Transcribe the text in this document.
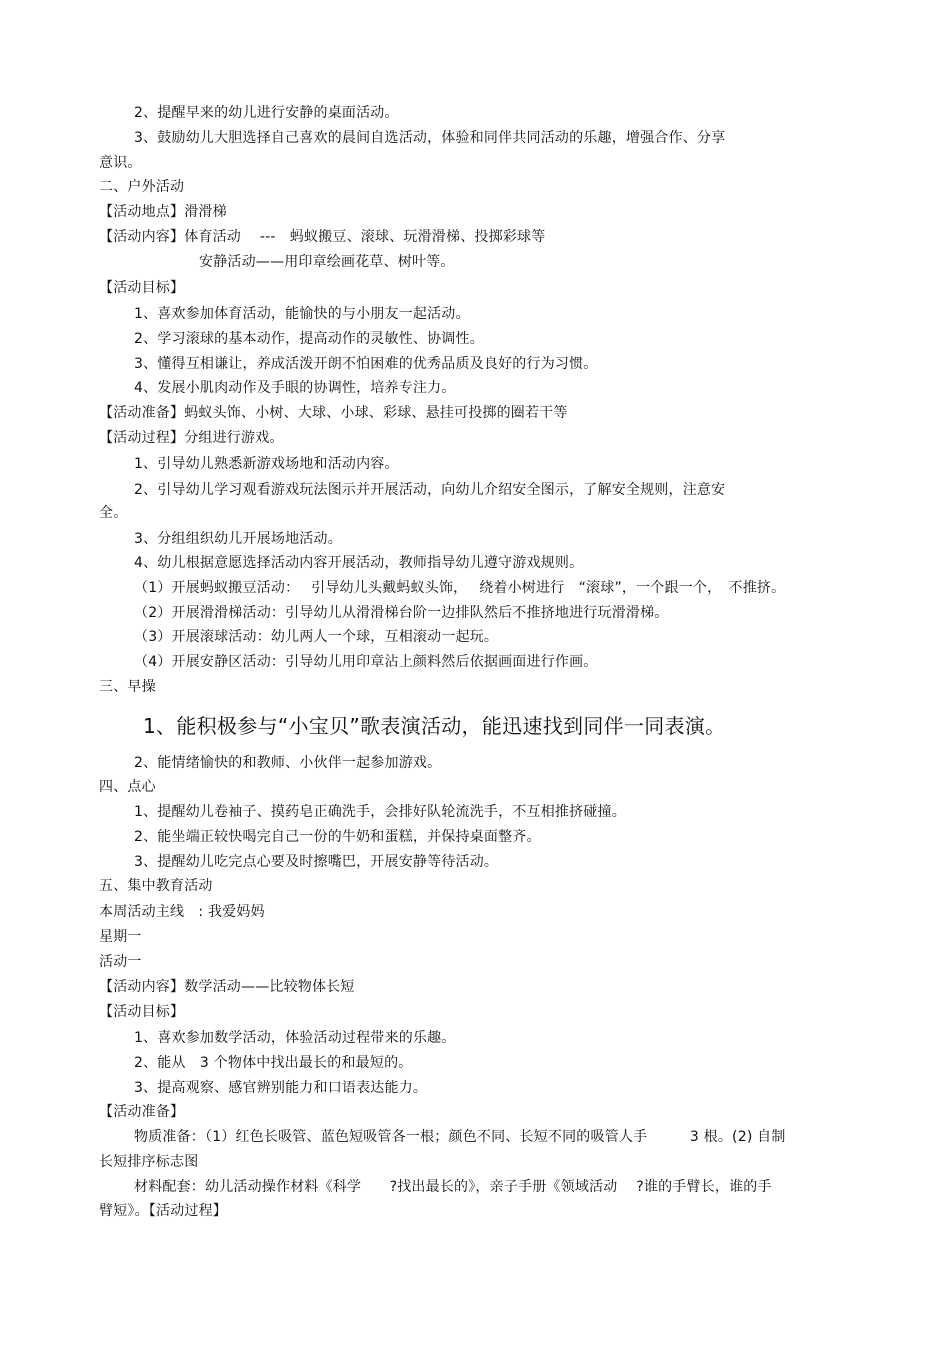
2、提醒早来的幼儿进行安静的桌面活动。
3、鼓励幼儿大胆选择自己喜欢的晨间自选活动，体验和同伴共同活动的乐趣，增强合作、分享
意识。
二、户外活动
【活动地点】滑滑梯
【活动内容】体育活动　 ---　蚂蚁搬豆、滚球、玩滑滑梯、投掷彩球等
安静活动——用印章绘画花草、树叶等。
【活动目标】
1、喜欢参加体育活动，能愉快的与小朋友一起活动。
2、学习滚球的基本动作，提高动作的灵敏性、协调性。
3、懂得互相谦让，养成活泼开朗不怕困难的优秀品质及良好的行为习惯。
4、发展小肌肉动作及手眼的协调性，培养专注力。
【活动准备】蚂蚁头饰、小树、大球、小球、彩球、悬挂可投掷的圈若干等
【活动过程】分组进行游戏。
1、引导幼儿熟悉新游戏场地和活动内容。
2、引导幼儿学习观看游戏玩法图示并开展活动，向幼儿介绍安全图示，了解安全规则，注意安
全。
3、分组组织幼儿开展场地活动。
4、幼儿根据意愿选择活动内容开展活动，教师指导幼儿遵守游戏规则。
（1）开展蚂蚁搬豆活动：　 引导幼儿头戴蚂蚁头饰，　 绕着小树进行　“滚球”，一个跟一个，　不推挤。
（2）开展滑滑梯活动：引导幼儿从滑滑梯台阶一边排队然后不推挤地进行玩滑滑梯。
（3）开展滚球活动：幼儿两人一个球，互相滚动一起玩。
（4）开展安静区活动：引导幼儿用印章沾上颜料然后依据画面进行作画。
三、早操
1、能积极参与“小宝贝”歌表演活动，能迅速找到同伴一同表演。
2、能情绪愉快的和教师、小伙伴一起参加游戏。
四、点心
1、提醒幼儿卷袖子、摸药皂正确洗手，会排好队轮流洗手，不互相推挤碰撞。
2、能坐端正较快喝完自己一份的牛奶和蛋糕，并保持桌面整齐。
3、提醒幼儿吃完点心要及时擦嘴巴，开展安静等待活动。
五、集中教育活动
本周活动主线　: 我爱妈妈
星期一
活动一
【活动内容】数学活动——比较物体长短
【活动目标】
1、喜欢参加数学活动，体验活动过程带来的乐趣。
2、能从　3 个物体中找出最长的和最短的。
3、提高观察、感官辨别能力和口语表达能力。
【活动准备】
物质准备：（1）红色长吸管、蓝色短吸管各一根；颜色不同、长短不同的吸管人手　　　3 根。(2) 自制
长短排序标志图
材料配套：幼儿活动操作材料《科学　　?找出最长的》，亲子手册《领域活动　 ?谁的手臂长，谁的手
臂短》。【活动过程】
